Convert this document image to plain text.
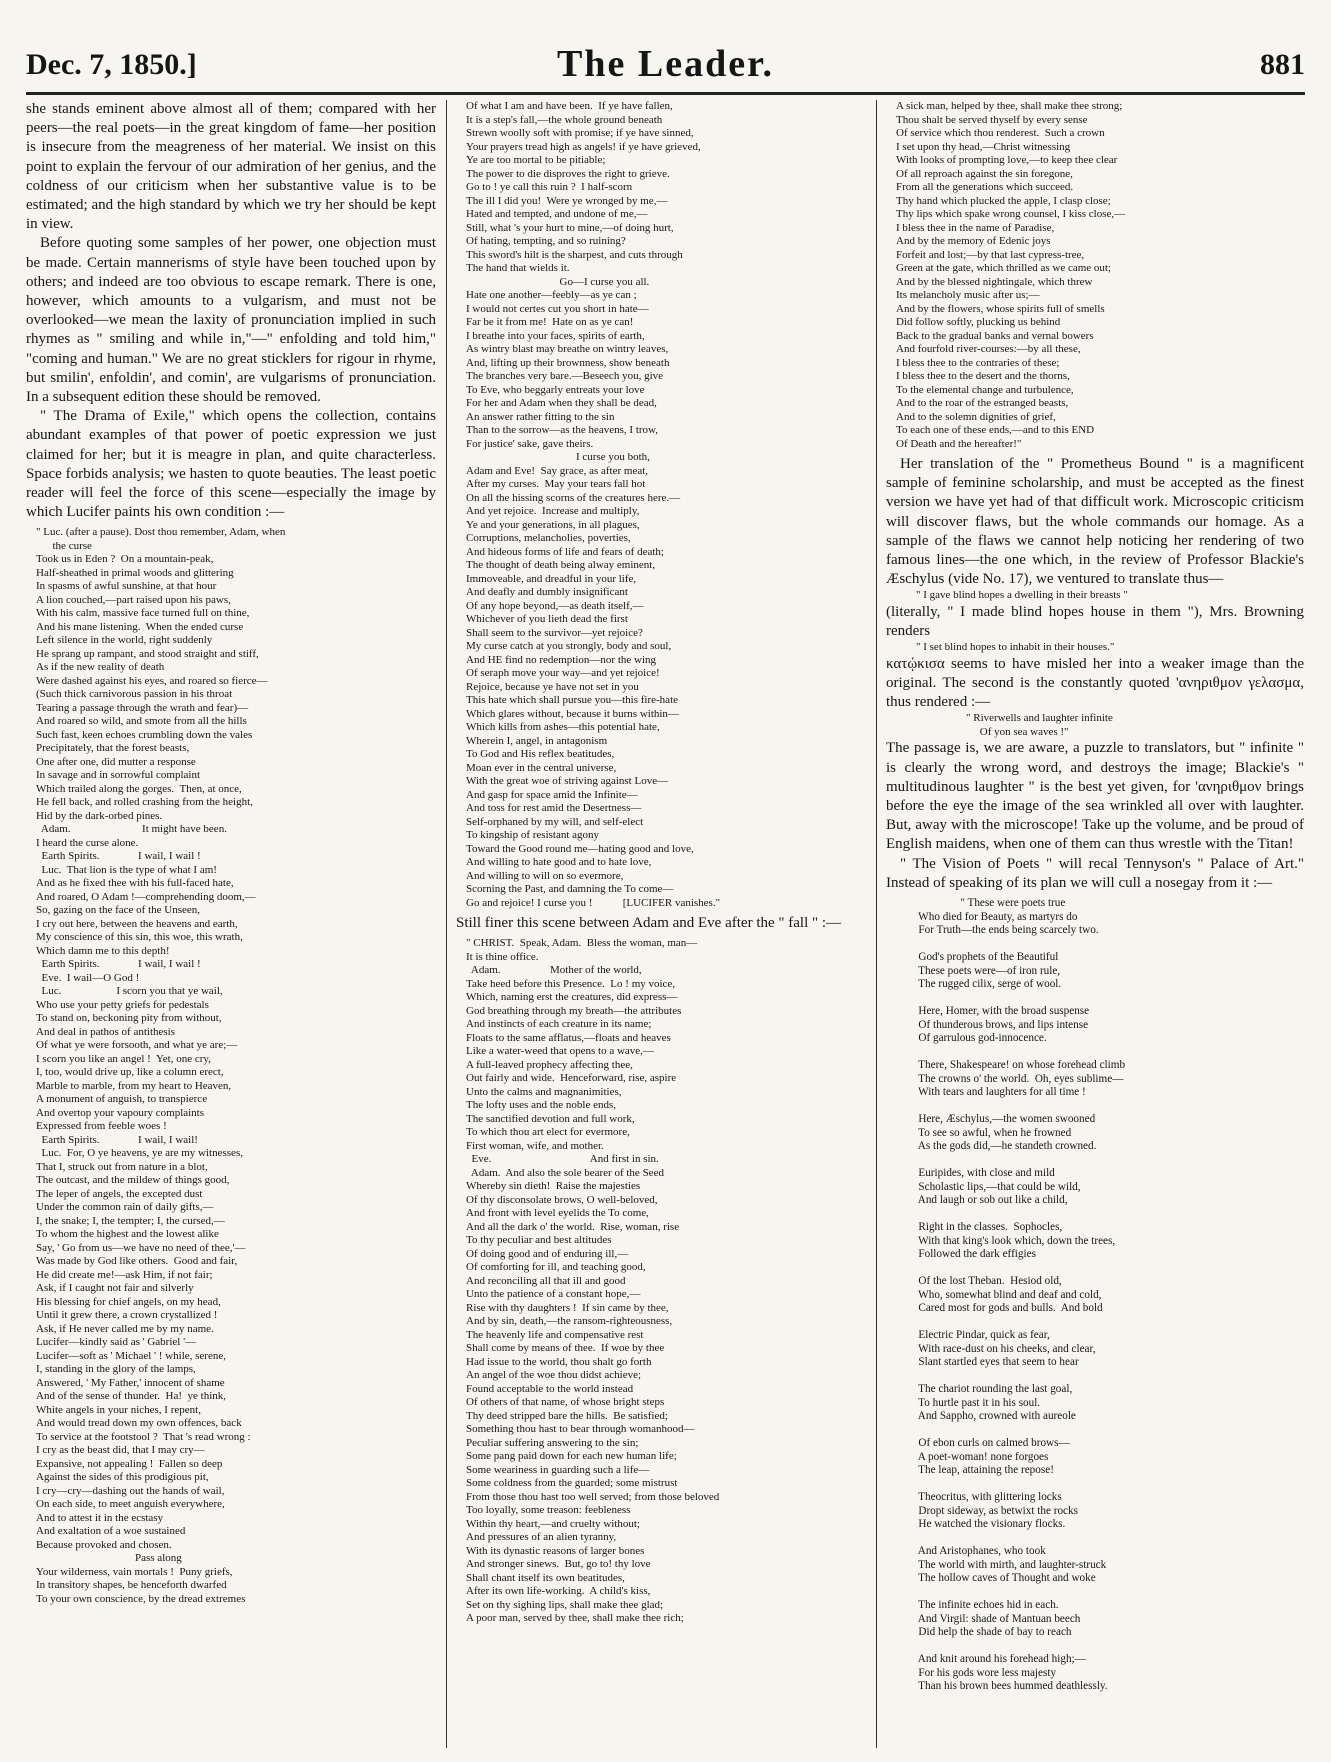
Dec. 7, 1850.]	The Leader.	881

she stands eminent above almost all of them; compared with her peers—the real poets—in the great kingdom of fame—her position is insecure from the meagreness of her material. We insist on this point to explain the fervour of our admiration of her genius, and the coldness of our criticism when her substantive value is to be estimated; and the high standard by which we try her should be kept in view.

Before quoting some samples of her power, one objection must be made. Certain mannerisms of style have been touched upon by others; and indeed are too obvious to escape remark. There is one, however, which amounts to a vulgarism, and must not be overlooked—we mean the laxity of pronunciation implied in such rhymes as " smiling and while in,"—" enfolding and told him," "coming and human." We are no great sticklers for rigour in rhyme, but smilin', enfoldin', and comin', are vulgarisms of pronunciation. In a subsequent edition these should be removed.

" The Drama of Exile," which opens the collection, contains abundant examples of that power of poetic expression we just claimed for her; but it is meagre in plan, and quite characterless. Space forbids analysis; we hasten to quote beauties. The least poetic reader will feel the force of this scene—especially the image by which Lucifer paints his own condition :—

" Luc. (after a pause). Dost thou remember, Adam, when
the curse
Took us in Eden ?  On a mountain-peak,
Half-sheathed in primal woods and glittering
In spasms of awful sunshine, at that hour
A lion couched,—part raised upon his paws,
With his calm, massive face turned full on thine,
And his mane listening.  When the ended curse
Left silence in the world, right suddenly
He sprang up rampant, and stood straight and stiff,
As if the new reality of death
Were dashed against his eyes, and roared so fierce—
(Such thick carnivorous passion in his throat
Tearing a passage through the wrath and fear)—
And roared so wild, and smote from all the hills
Such fast, keen echoes crumbling down the vales
Precipitately, that the forest beasts,
One after one, did mutter a response
In savage and in sorrowful complaint
Which trailed along the gorges.  Then, at once,
He fell back, and rolled crashing from the height,
Hid by the dark-orbed pines.
Adam.                          It might have been.
I heard the curse alone.
Earth Spirits.              I wail, I wail !
Luc.  That lion is the type of what I am!
And as he fixed thee with his full-faced hate,
And roared, O Adam !—comprehending doom,—
So, gazing on the face of the Unseen,
I cry out here, between the heavens and earth,
My conscience of this sin, this woe, this wrath,
Which damn me to this depth!
Earth Spirits.              I wail, I wail !
Eve.  I wail—O God !
Luc.                    I scorn you that ye wail,
Who use your petty griefs for pedestals
To stand on, beckoning pity from without,
And deal in pathos of antithesis
Of what ye were forsooth, and what ye are;—
I scorn you like an angel !  Yet, one cry,
I, too, would drive up, like a column erect,
Marble to marble, from my heart to Heaven,
A monument of anguish, to transpierce
And overtop your vapoury complaints
Expressed from feeble woes !
Earth Spirits.              I wail, I wail!
Luc.  For, O ye heavens, ye are my witnesses,
That I, struck out from nature in a blot,
The outcast, and the mildew of things good,
The leper of angels, the excepted dust
Under the common rain of daily gifts,—
I, the snake; I, the tempter; I, the cursed,—
To whom the highest and the lowest alike
Say, ' Go from us—we have no need of thee,'—
Was made by God like others.  Good and fair,
He did create me!—ask Him, if not fair;
Ask, if I caught not fair and silverly
His blessing for chief angels, on my head,
Until it grew there, a crown crystallized !
Ask, if He never called me by my name.
Lucifer—kindly said as ' Gabriel '—
Lucifer—soft as ' Michael ' ! while, serene,
I, standing in the glory of the lamps,
Answered, ' My Father,' innocent of shame
And of the sense of thunder.  Ha!  ye think,
White angels in your niches, I repent,
And would tread down my own offences, back
To service at the footstool ?  That 's read wrong :
I cry as the beast did, that I may cry—
Expansive, not appealing !  Fallen so deep
Against the sides of this prodigious pit,
I cry—cry—dashing out the hands of wail,
On each side, to meet anguish everywhere,
And to attest it in the ecstasy
And exaltation of a woe sustained
Because provoked and chosen.
Pass along
Your wilderness, vain mortals !  Puny griefs,
In transitory shapes, be henceforth dwarfed
To your own conscience, by the dread extremes
Of what I am and have been.  If ye have fallen,
It is a step's fall,—the whole ground beneath
Strewn woolly soft with promise; if ye have sinned,
Your prayers tread high as angels! if ye have grieved,
Ye are too mortal to be pitiable;
The power to die disproves the right to grieve.
Go to ! ye call this ruin ?  I half-scorn
The ill I did you!  Were ye wronged by me,—
Hated and tempted, and undone of me,—
Still, what 's your hurt to mine,—of doing hurt,
Of hating, tempting, and so ruining?
This sword's hilt is the sharpest, and cuts through
The hand that wields it.
Go—I curse you all.
Hate one another—feebly—as ye can ;
I would not certes cut you short in hate—
Far be it from me!  Hate on as ye can!
I breathe into your faces, spirits of earth,
As wintry blast may breathe on wintry leaves,
And, lifting up their brownness, show beneath
The branches very bare.—Beseech you, give
To Eve, who beggarly entreats your love
For her and Adam when they shall be dead,
An answer rather fitting to the sin
Than to the sorrow—as the heavens, I trow,
For justice' sake, gave theirs.
I curse you both,
Adam and Eve!  Say grace, as after meat,
After my curses.  May your tears fall hot
On all the hissing scorns of the creatures here.—
And yet rejoice.  Increase and multiply,
Ye and your generations, in all plagues,
Corruptions, melancholies, poverties,
And hideous forms of life and fears of death;
The thought of death being alway eminent,
Immoveable, and dreadful in your life,
And deafly and dumbly insignificant
Of any hope beyond,—as death itself,—
Whichever of you lieth dead the first
Shall seem to the survivor—yet rejoice?
My curse catch at you strongly, body and soul,
And HE find no redemption—nor the wing
Of seraph move your way—and yet rejoice!
Rejoice, because ye have not set in you
This hate which shall pursue you—this fire-hate
Which glares without, because it burns within—
Which kills from ashes—this potential hate,
Wherein I, angel, in antagonism
To God and His reflex beatitudes,
Moan ever in the central universe,
With the great woe of striving against Love—
And gasp for space amid the Infinite—
And toss for rest amid the Desertness—
Self-orphaned by my will, and self-elect
To kingship of resistant agony
Toward the Good round me—hating good and love,
And willing to hate good and to hate love,
And willing to will on so evermore,
Scorning the Past, and damning the To come—
Go and rejoice! I curse you !           [LUCIFER vanishes."

Still finer this scene between Adam and Eve after the " fall " :—

" CHRIST.  Speak, Adam.  Bless the woman, man—
It is thine office.
Adam.                  Mother of the world,
Take heed before this Presence.  Lo ! my voice,
Which, naming erst the creatures, did express—
God breathing through my breath—the attributes
And instincts of each creature in its name;
Floats to the same afflatus,—floats and heaves
Like a water-weed that opens to a wave,—
A full-leaved prophecy affecting thee,
Out fairly and wide.  Henceforward, rise, aspire
Unto the calms and magnanimities,
The lofty uses and the noble ends,
The sanctified devotion and full work,
To which thou art elect for evermore,
First woman, wife, and mother.
Eve.                                    And first in sin.
Adam.  And also the sole bearer of the Seed
Whereby sin dieth!  Raise the majesties
Of thy disconsolate brows, O well-beloved,
And front with level eyelids the To come,
And all the dark o' the world.  Rise, woman, rise
To thy peculiar and best altitudes
Of doing good and of enduring ill,—
Of comforting for ill, and teaching good,
And reconciling all that ill and good
Unto the patience of a constant hope,—
Rise with thy daughters !  If sin came by thee,
And by sin, death,—the ransom-righteousness,
The heavenly life and compensative rest
Shall come by means of thee.  If woe by thee
Had issue to the world, thou shalt go forth
An angel of the woe thou didst achieve;
Found acceptable to the world instead
Of others of that name, of whose bright steps
Thy deed stripped bare the hills.  Be satisfied;
Something thou hast to bear through womanhood—
Peculiar suffering answering to the sin;
Some pang paid down for each new human life;
Some weariness in guarding such a life—
Some coldness from the guarded; some mistrust
From those thou hast too well served; from those beloved
Too loyally, some treason: feebleness
Within thy heart,—and cruelty without;
And pressures of an alien tyranny,
With its dynastic reasons of larger bones
And stronger sinews.  But, go to! thy love
Shall chant itself its own beatitudes,
After its own life-working.  A child's kiss,
Set on thy sighing lips, shall make thee glad;
A poor man, served by thee, shall make thee rich;
A sick man, helped by thee, shall make thee strong;
Thou shalt be served thyself by every sense
Of service which thou renderest.  Such a crown
I set upon thy head,—Christ witnessing
With looks of prompting love,—to keep thee clear
Of all reproach against the sin foregone,
From all the generations which succeed.
Thy hand which plucked the apple, I clasp close;
Thy lips which spake wrong counsel, I kiss close,—
I bless thee in the name of Paradise,
And by the memory of Edenic joys
Forfeit and lost;—by that last cypress-tree,
Green at the gate, which thrilled as we came out;
And by the blessed nightingale, which threw
Its melancholy music after us;—
And by the flowers, whose spirits full of smells
Did follow softly, plucking us behind
Back to the gradual banks and vernal bowers
And fourfold river-courses:—by all these,
I bless thee to the contraries of these;
I bless thee to the desert and the thorns,
To the elemental change and turbulence,
And to the roar of the estranged beasts,
And to the solemn dignities of grief,
To each one of these ends,—and to this END
Of Death and the hereafter!"

Her translation of the " Prometheus Bound " is a magnificent sample of feminine scholarship, and must be accepted as the finest version we have yet had of that difficult work. Microscopic criticism will discover flaws, but the whole commands our homage. As a sample of the flaws we cannot help noticing her rendering of two famous lines—the one which, in the review of Professor Blackie's Æschylus (vide No. 17), we ventured to translate thus—

" I gave blind hopes a dwelling in their breasts "

(literally, " I made blind hopes house in them "), Mrs. Browning renders

" I set blind hopes to inhabit in their houses."

κατῴκισα seems to have misled her into a weaker image than the original. The second is the constantly quoted 'ανηριθμον γελασμα, thus rendered :—

" Riverwells and laughter infinite
Of yon sea waves !"

The passage is, we are aware, a puzzle to translators, but " infinite " is clearly the wrong word, and destroys the image; Blackie's " multitudinous laughter " is the best yet given, for 'ανηριθμον brings before the eye the image of the sea wrinkled all over with laughter. But, away with the microscope! Take up the volume, and be proud of English maidens, when one of them can thus wrestle with the Titan!

" The Vision of Poets " will recal Tennyson's " Palace of Art." Instead of speaking of its plan we will cull a nosegay from it :—

" These were poets true
Who died for Beauty, as martyrs do
For Truth—the ends being scarcely two.

God's prophets of the Beautiful
These poets were—of iron rule,
The rugged cilix, serge of wool.

Here, Homer, with the broad suspense
Of thunderous brows, and lips intense
Of garrulous god-innocence.

There, Shakespeare! on whose forehead climb
The crowns o' the world.  Oh, eyes sublime—
With tears and laughters for all time !

Here, Æschylus,—the women swooned
To see so awful, when he frowned
As the gods did,—he standeth crowned.

Euripides, with close and mild
Scholastic lips,—that could be wild,
And laugh or sob out like a child,

Right in the classes.  Sophocles,
With that king's look which, down the trees,
Followed the dark effigies

Of the lost Theban.  Hesiod old,
Who, somewhat blind and deaf and cold,
Cared most for gods and bulls.  And bold

Electric Pindar, quick as fear,
With race-dust on his cheeks, and clear,
Slant startled eyes that seem to hear

The chariot rounding the last goal,
To hurtle past it in his soul.
And Sappho, crowned with aureole

Of ebon curls on calmed brows—
A poet-woman! none forgoes
The leap, attaining the repose!

Theocritus, with glittering locks
Dropt sideway, as betwixt the rocks
He watched the visionary flocks.

And Aristophanes, who took
The world with mirth, and laughter-struck
The hollow caves of Thought and woke

The infinite echoes hid in each.
And Virgil: shade of Mantuan beech
Did help the shade of bay to reach

And knit around his forehead high;—
For his gods wore less majesty
Than his brown bees hummed deathlessly.
